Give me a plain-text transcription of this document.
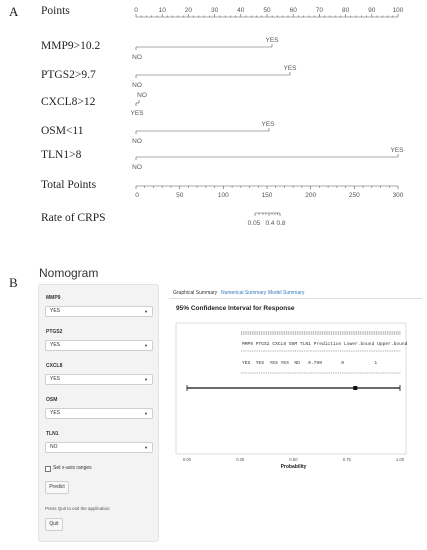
A Points
MMP9>10.2
PTGS2>9.7
CXCL8>12
OSM<11
TLN1>8
Total Points
Rate of CRPS
0	10	20	30	40	50	60	70	80	90	100
YES
NO
YES
NO
NO
YES
YES
NO
YES
NO
0	50	100	150	200	250	300
0.05 0.4 0.8
B
Nomogram
MMP9
YES	▼
PTGS2
YES	▼
CXCL8
YES	▼
OSM
YES	▼
TLN1
NO	▼
Set x-axis ranges
Predict
Press Quit to exit the application
Quit
Graphical Summary Numerical Summary Model Summary
95% Confidence Interval for Response
MMP9 PTGS2 CXCL8 OSM TLN1 Prediction Lower.bound Upper.bound
YES  YES  YES YES  NO   0.790       0           1
0.00	0.25	0.50	0.75	1.00
Probability
